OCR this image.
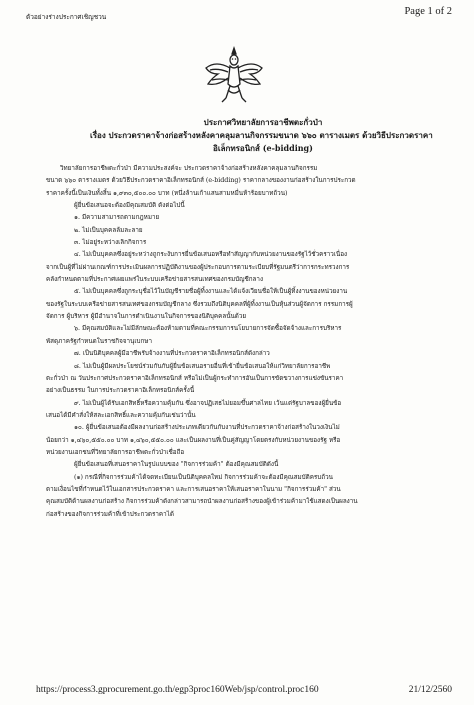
ตัวอย่างร่างประกาศเชิญชวน	Page 1 of 2
ประกาศวิทยาลัยการอาชีพตะกั่วป่า
เรื่อง ประกวดราคาจ้างก่อสร้างหลังคาคลุมลานกิจกรรมขนาด ๖๖๐ ตารางเมตร ด้วยวิธีประกวดราคา
อิเล็กทรอนิกส์ (e-bidding)

วิทยาลัยการอาชีพตะกั่วป่า มีความประสงค์จะ ประกวดราคาจ้างก่อสร้างหลังคาคลุมลานกิจกรรม

ขนาด ๖๖๐ ตารางเมตร ด้วยวิธีประกวดราคาอิเล็กทรอนิกส์ (e-bidding) ราคากลางของงานก่อสร้างในการประกวด

ราคาครั้งนี้เป็นเงินทั้งสิ้น ๑,๙๓๐,๕๐๐.๐๐ บาท (หนึ่งล้านเก้าแสนสามหมื่นห้าร้อยบาทถ้วน)

ผู้ยื่นข้อเสนอจะต้องมีคุณสมบัติ ดังต่อไปนี้

๑. มีความสามารถตามกฎหมาย

๒. ไม่เป็นบุคคลล้มละลาย

๓. ไม่อยู่ระหว่างเลิกกิจการ

๔. ไม่เป็นบุคคลซึ่งอยู่ระหว่างถูกระงับการยื่นข้อเสนอหรือทำสัญญากับหน่วยงานของรัฐไว้ชั่วคราวเนื่อง

จากเป็นผู้ที่ไม่ผ่านเกณฑ์การประเมินผลการปฏิบัติงานของผู้ประกอบการตามระเบียบที่รัฐมนตรีว่าการกระทรวงการ

คลังกำหนดตามที่ประกาศเผยแพร่ในระบบเครือข่ายสารสนเทศของกรมบัญชีกลาง

๕. ไม่เป็นบุคคลซึ่งถูกระบุชื่อไว้ในบัญชีรายชื่อผู้ทิ้งงานและได้แจ้งเวียนชื่อให้เป็นผู้ทิ้งงานของหน่วยงาน

ของรัฐในระบบเครือข่ายสารสนเทศของกรมบัญชีกลาง ซึ่งรวมถึงนิติบุคคลที่ผู้ทิ้งงานเป็นหุ้นส่วนผู้จัดการ กรรมการผู้

จัดการ ผู้บริหาร ผู้มีอำนาจในการดำเนินงานในกิจการของนิติบุคคลนั้นด้วย

๖. มีคุณสมบัติและไม่มีลักษณะต้องห้ามตามที่คณะกรรมการนโยบายการจัดซื้อจัดจ้างและการบริหาร

พัสดุภาครัฐกำหนดในราชกิจจานุเบกษา

๗. เป็นนิติบุคคลผู้มีอาชีพรับจ้างงานที่ประกวดราคาอิเล็กทรอนิกส์ดังกล่าว

๘. ไม่เป็นผู้มีผลประโยชน์ร่วมกันกับผู้ยื่นข้อเสนอรายอื่นที่เข้ายื่นข้อเสนอให้แก่วิทยาลัยการอาชีพ

ตะกั่วป่า ณ วันประกาศประกวดราคาอิเล็กทรอนิกส์ หรือไม่เป็นผู้กระทำการอันเป็นการขัดขวางการแข่งขันราคา

อย่างเป็นธรรม ในการประกวดราคาอิเล็กทรอนิกส์ครั้งนี้

๙. ไม่เป็นผู้ได้รับเอกสิทธิ์หรือความคุ้มกัน ซึ่งอาจปฏิเสธไม่ยอมขึ้นศาลไทย เว้นแต่รัฐบาลของผู้ยื่นข้อ

เสนอได้มีคำสั่งให้สละเอกสิทธิ์และความคุ้มกันเช่นว่านั้น

๑๐. ผู้ยื่นข้อเสนอต้องมีผลงานก่อสร้างประเภทเดียวกันกับงานที่ประกวดราคาจ้างก่อสร้างในวงเงินไม่

น้อยกว่า ๑,๔๖๐,๕๕๐.๐๐ บาท ๑,๔๖๐,๕๕๐.๐๐ และเป็นผลงานที่เป็นคู่สัญญาโดยตรงกับหน่วยงานของรัฐ หรือ

หน่วยงานเอกชนที่วิทยาลัยการอาชีพตะกั่วป่าเชื่อถือ

ผู้ยื่นข้อเสนอที่เสนอราคาในรูปแบบของ "กิจการร่วมค้า" ต้องมีคุณสมบัติดังนี้

(๑) กรณีที่กิจการร่วมค้าได้จดทะเบียนเป็นนิติบุคคลใหม่ กิจการร่วมค้าจะต้องมีคุณสมบัติครบถ้วน

ตามเงื่อนไขที่กำหนดไว้ในเอกสารประกวดราคา และการเสนอราคาให้เสนอราคาในนาม "กิจการร่วมค้า" ส่วน

คุณสมบัติด้านผลงานก่อสร้าง กิจการร่วมค้าดังกล่าวสามารถนำผลงานก่อสร้างของผู้เข้าร่วมค้ามาใช้แสดงเป็นผลงาน

ก่อสร้างของกิจการร่วมค้าที่เข้าประกวดราคาได้

https://process3.gprocurement.go.th/egp3proc160Web/jsp/control.proc160	21/12/2560
